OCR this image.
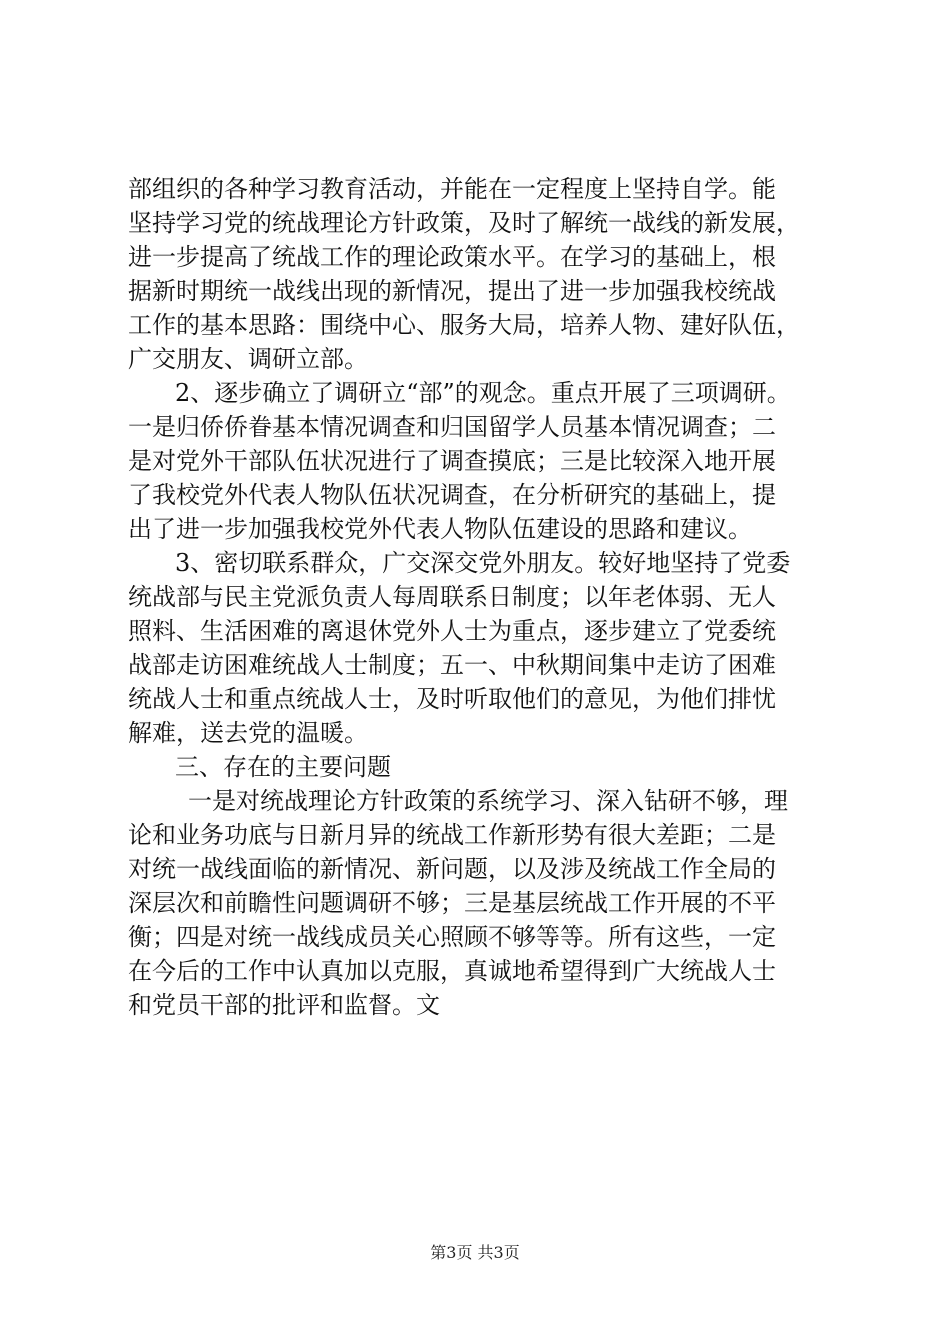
部组织的各种学习教育活动，并能在一定程度上坚持自学。能
坚持学习党的统战理论方针政策，及时了解统一战线的新发展，
进一步提高了统战工作的理论政策水平。在学习的基础上，根
据新时期统一战线出现的新情况，提出了进一步加强我校统战
工作的基本思路：围绕中心、服务大局，培养人物、建好队伍，
广交朋友、调研立部。
2、逐步确立了调研立“部”的观念。重点开展了三项调研。
一是归侨侨眷基本情况调查和归国留学人员基本情况调查；二
是对党外干部队伍状况进行了调查摸底；三是比较深入地开展
了我校党外代表人物队伍状况调查，在分析研究的基础上，提
出了进一步加强我校党外代表人物队伍建设的思路和建议。
3、密切联系群众，广交深交党外朋友。较好地坚持了党委
统战部与民主党派负责人每周联系日制度；以年老体弱、无人
照料、生活困难的离退休党外人士为重点，逐步建立了党委统
战部走访困难统战人士制度；五一、中秋期间集中走访了困难
统战人士和重点统战人士，及时听取他们的意见，为他们排忧
解难，送去党的温暖。
三、存在的主要问题
一是对统战理论方针政策的系统学习、深入钻研不够，理
论和业务功底与日新月异的统战工作新形势有很大差距；二是
对统一战线面临的新情况、新问题，以及涉及统战工作全局的
深层次和前瞻性问题调研不够；三是基层统战工作开展的不平
衡；四是对统一战线成员关心照顾不够等等。所有这些，一定
在今后的工作中认真加以克服，真诚地希望得到广大统战人士
和党员干部的批评和监督。文
第3页 共3页
